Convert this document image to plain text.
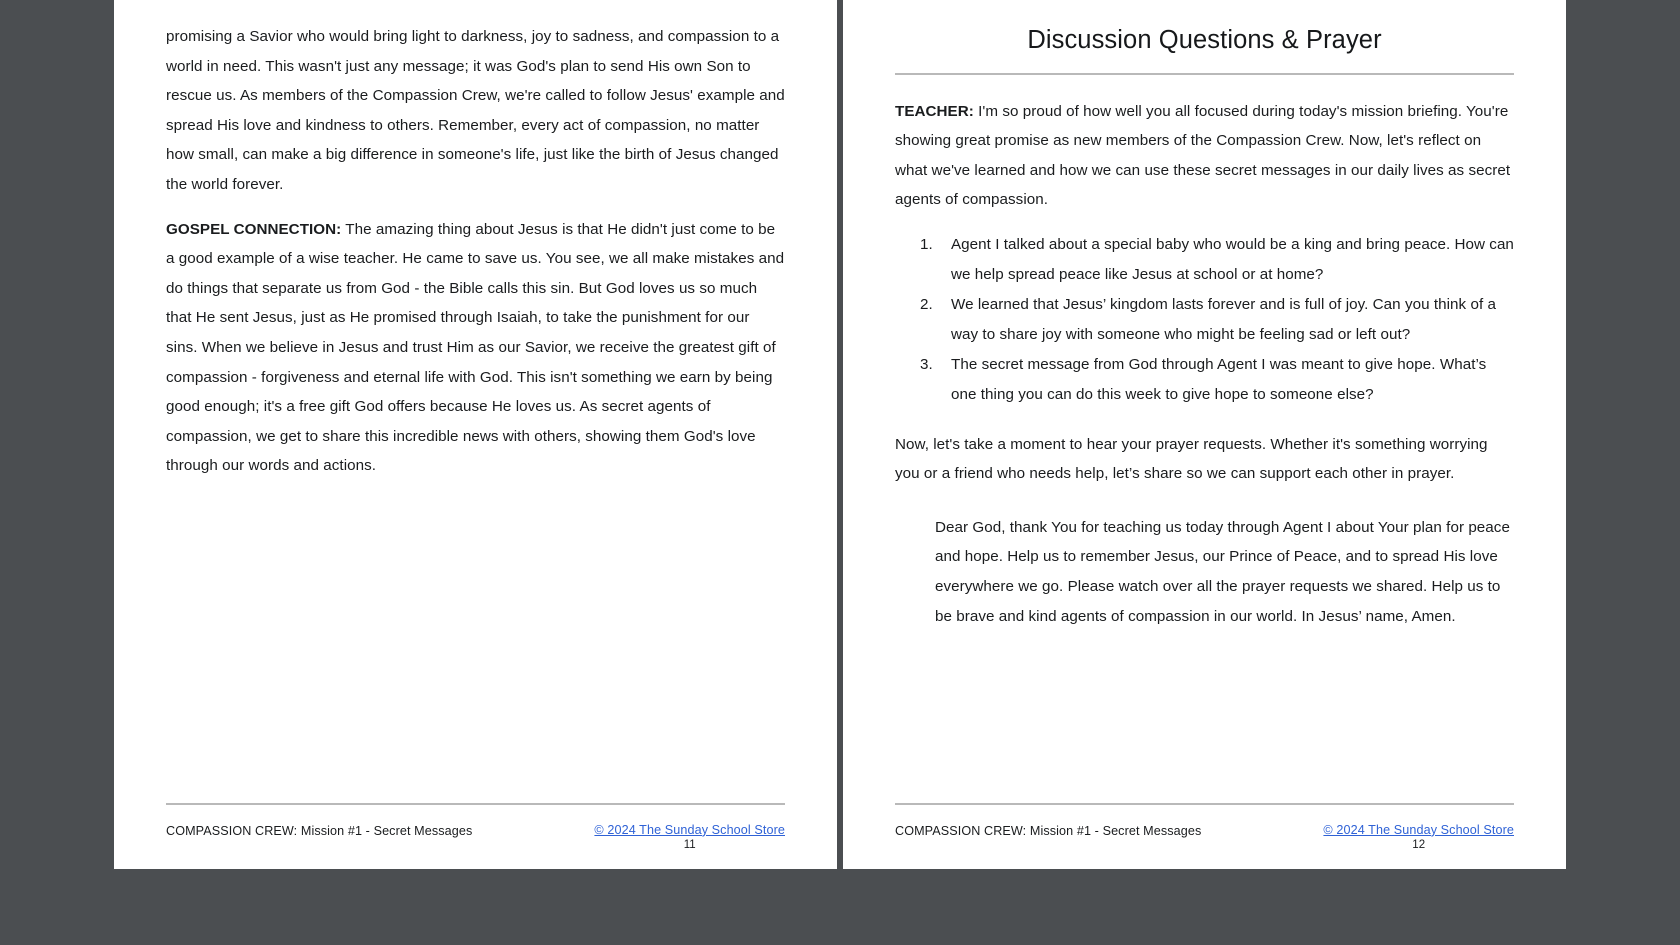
promising a Savior who would bring light to darkness, joy to sadness, and compassion to a world in need. This wasn't just any message; it was God's plan to send His own Son to rescue us. As members of the Compassion Crew, we're called to follow Jesus' example and spread His love and kindness to others. Remember, every act of compassion, no matter how small, can make a big difference in someone's life, just like the birth of Jesus changed the world forever.

GOSPEL CONNECTION: The amazing thing about Jesus is that He didn't just come to be a good example of a wise teacher. He came to save us. You see, we all make mistakes and do things that separate us from God - the Bible calls this sin. But God loves us so much that He sent Jesus, just as He promised through Isaiah, to take the punishment for our sins. When we believe in Jesus and trust Him as our Savior, we receive the greatest gift of compassion - forgiveness and eternal life with God. This isn't something we earn by being good enough; it's a free gift God offers because He loves us. As secret agents of compassion, we get to share this incredible news with others, showing them God's love through our words and actions.

COMPASSION CREW: Mission #1 - Secret Messages	© 2024 The Sunday School Store
11
Discussion Questions & Prayer

TEACHER: I'm so proud of how well you all focused during today's mission briefing. You're showing great promise as new members of the Compassion Crew. Now, let's reflect on what we've learned and how we can use these secret messages in our daily lives as secret agents of compassion.

1. Agent I talked about a special baby who would be a king and bring peace. How can we help spread peace like Jesus at school or at home?
2. We learned that Jesus’ kingdom lasts forever and is full of joy. Can you think of a way to share joy with someone who might be feeling sad or left out?
3. The secret message from God through Agent I was meant to give hope. What’s one thing you can do this week to give hope to someone else?

Now, let's take a moment to hear your prayer requests. Whether it's something worrying you or a friend who needs help, let’s share so we can support each other in prayer.

Dear God, thank You for teaching us today through Agent I about Your plan for peace and hope. Help us to remember Jesus, our Prince of Peace, and to spread His love everywhere we go. Please watch over all the prayer requests we shared. Help us to be brave and kind agents of compassion in our world. In Jesus’ name, Amen.

COMPASSION CREW: Mission #1 - Secret Messages	© 2024 The Sunday School Store
12
